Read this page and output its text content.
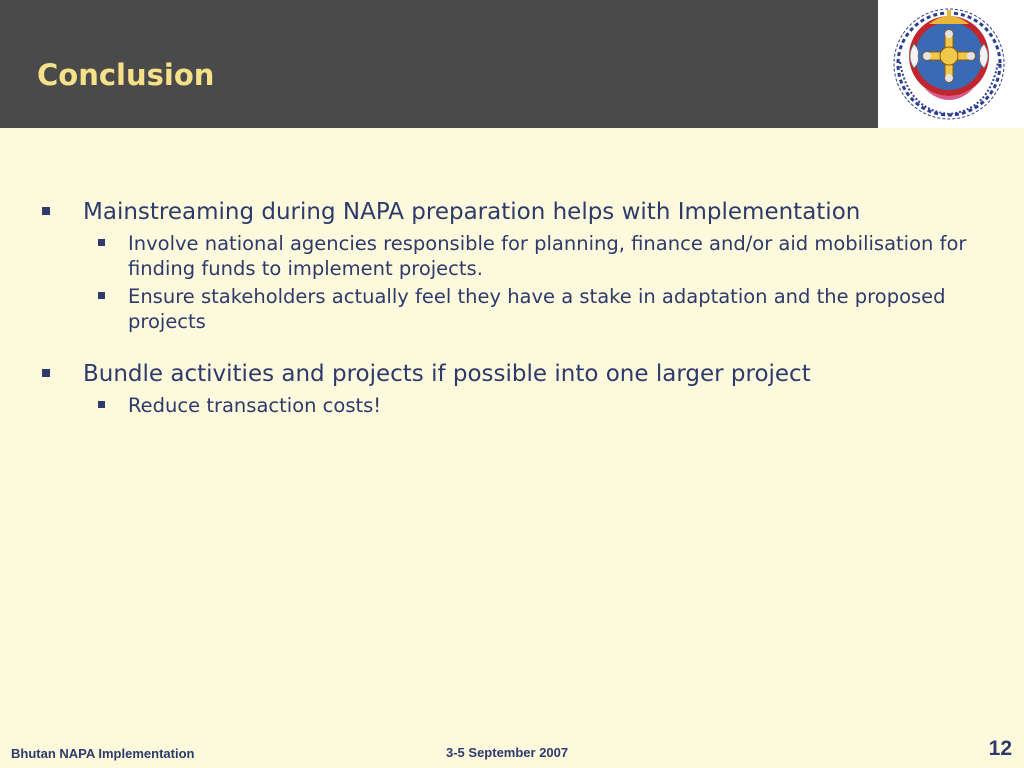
Conclusion
Mainstreaming during NAPA preparation helps with Implementation
Involve national agencies responsible for planning, finance and/or aid mobilisation for finding funds to implement projects.
Ensure stakeholders actually feel they have a stake in adaptation and the proposed projects
Bundle activities and projects if possible into one larger project
Reduce transaction costs!
Bhutan NAPA Implementation	3-5 September 2007	12
